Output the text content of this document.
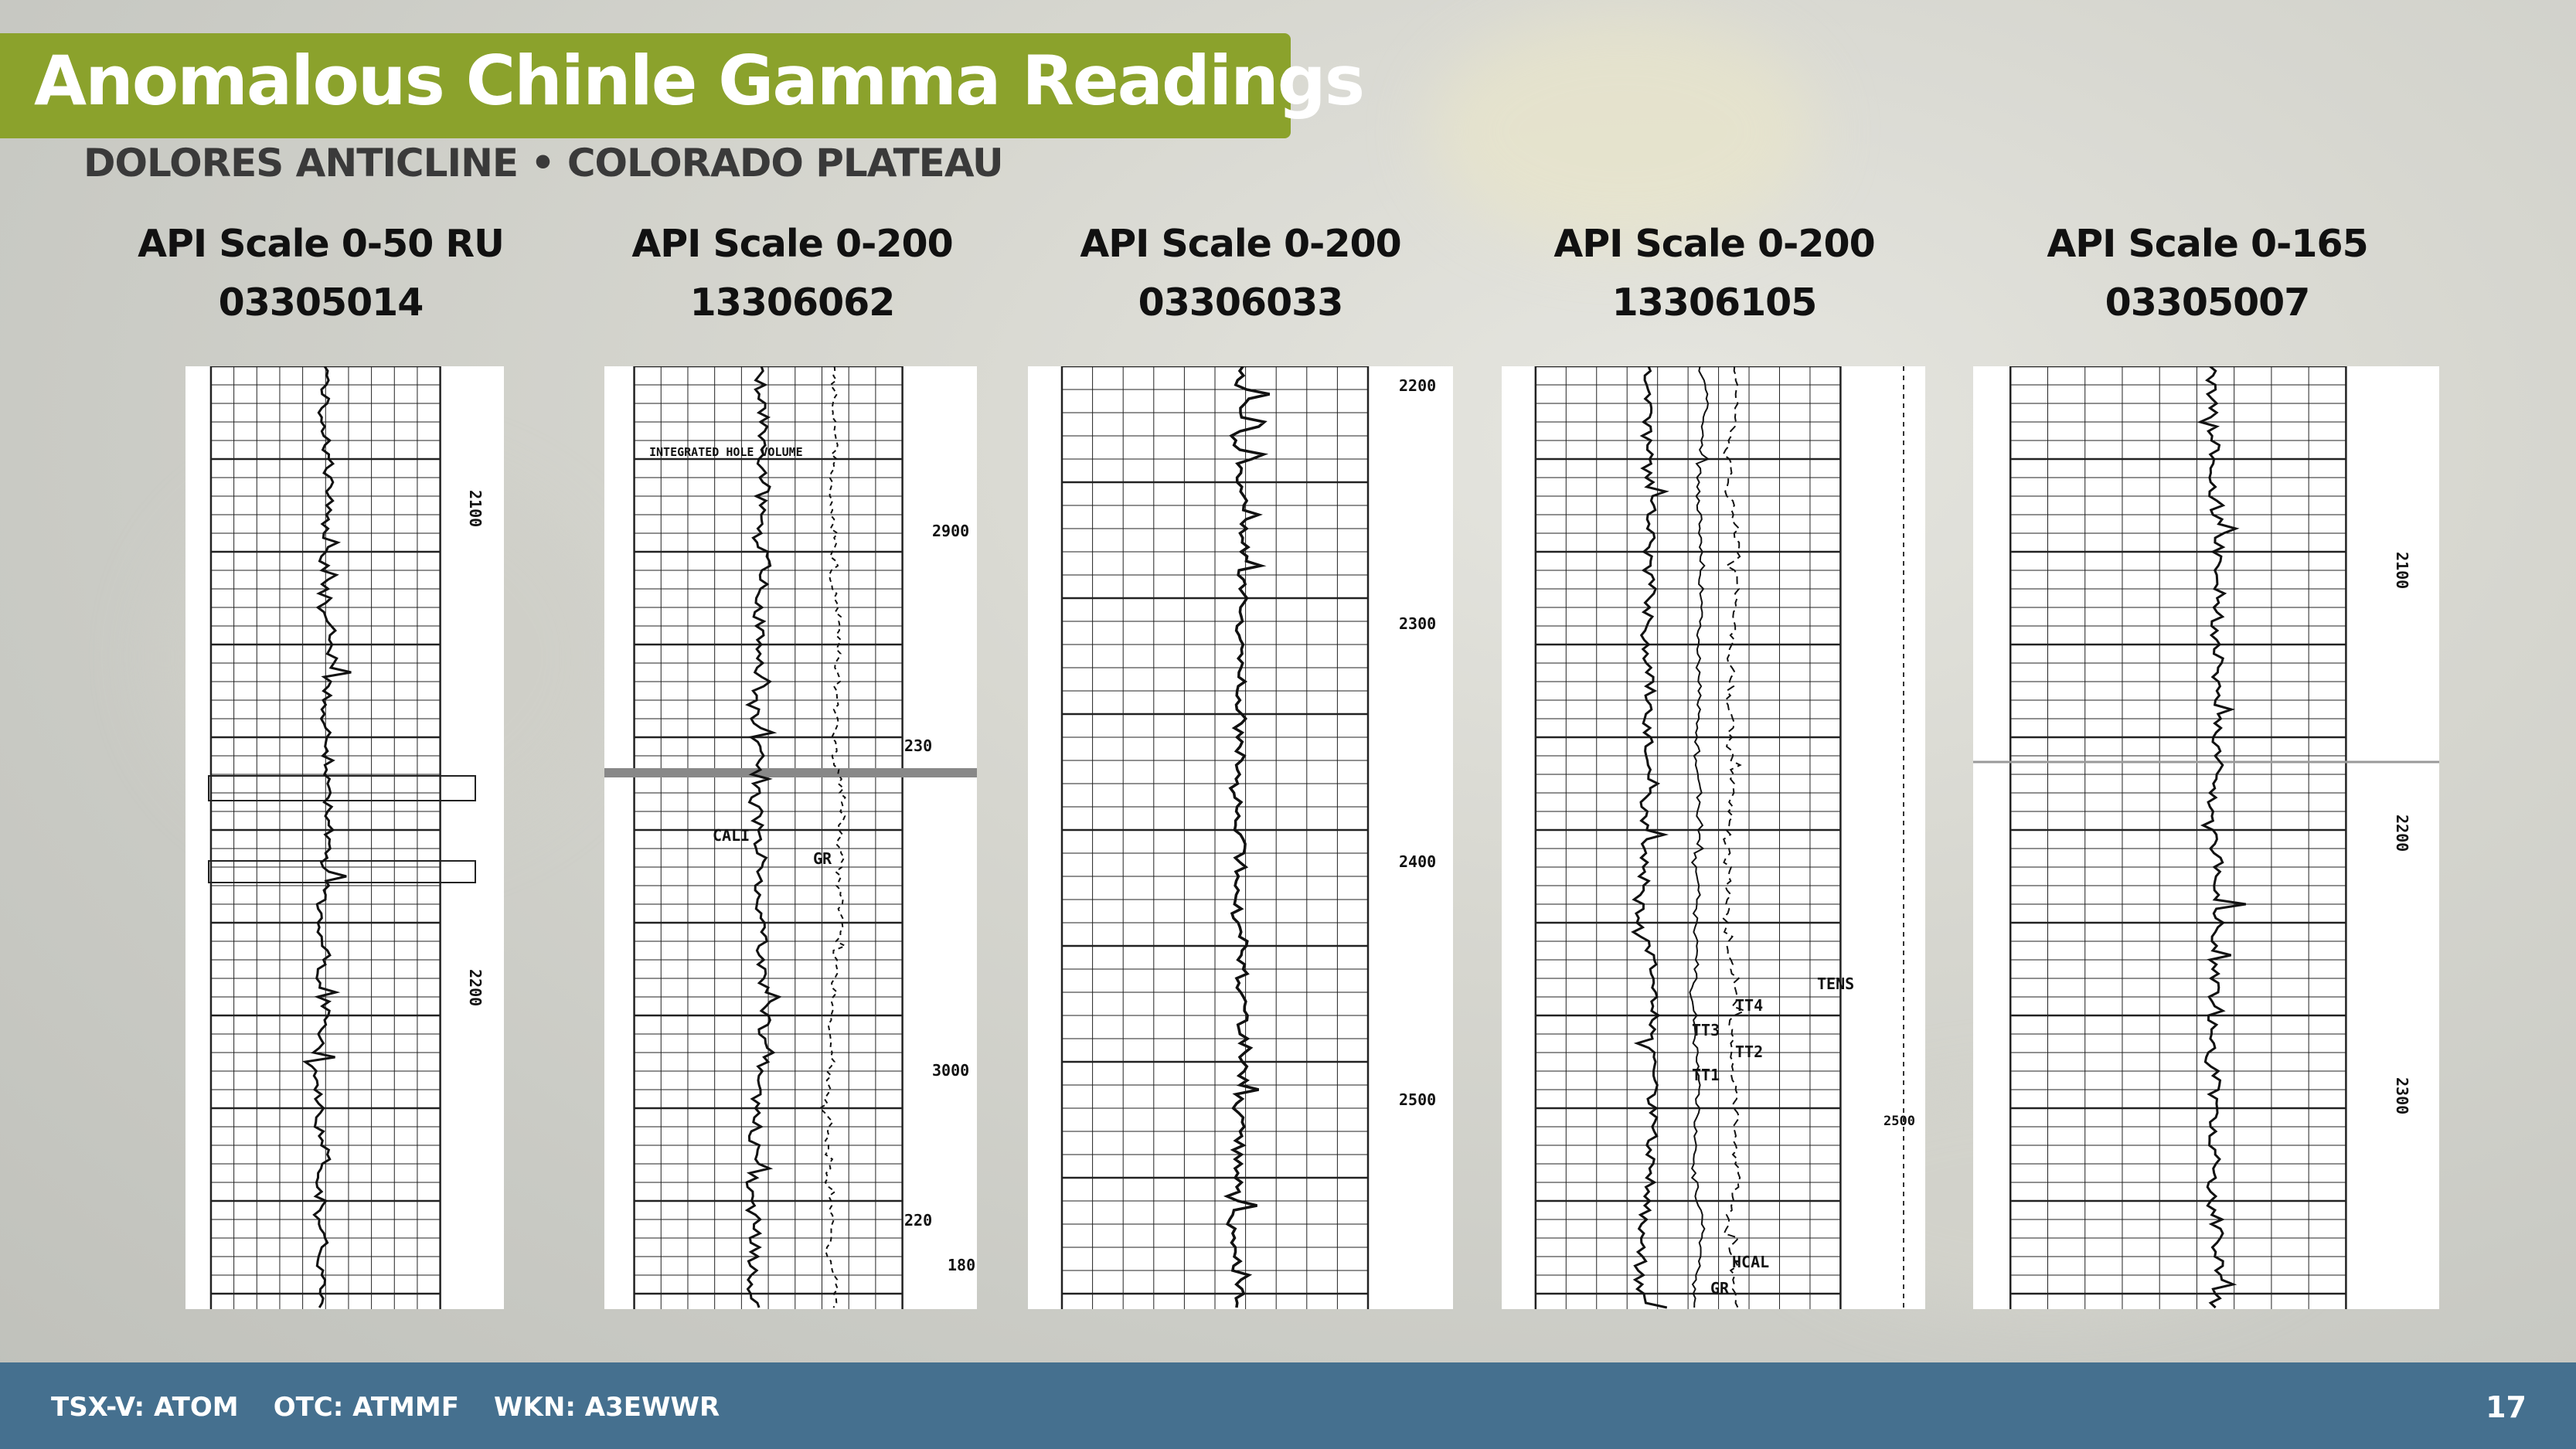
Anomalous Chinle Gamma Readings
DOLORES ANTICLINE • COLORADO PLATEAU
API Scale 0-50 RU
03305014
API Scale 0-200
13306062
API Scale 0-200
03306033
API Scale 0-200
13306105
API Scale 0-165
03305007
2100
2200
INTEGRATED HOLE VOLUME
CALI
GR
230
220
180
2900
3000
2200
2300
2400
2500
TENS
TT4
TT3
TT2
TT1
HCAL
GR
2500
2100
2200
2300
TSX-V: ATOM OTC: ATMMF WKN: A3EWWR	17
